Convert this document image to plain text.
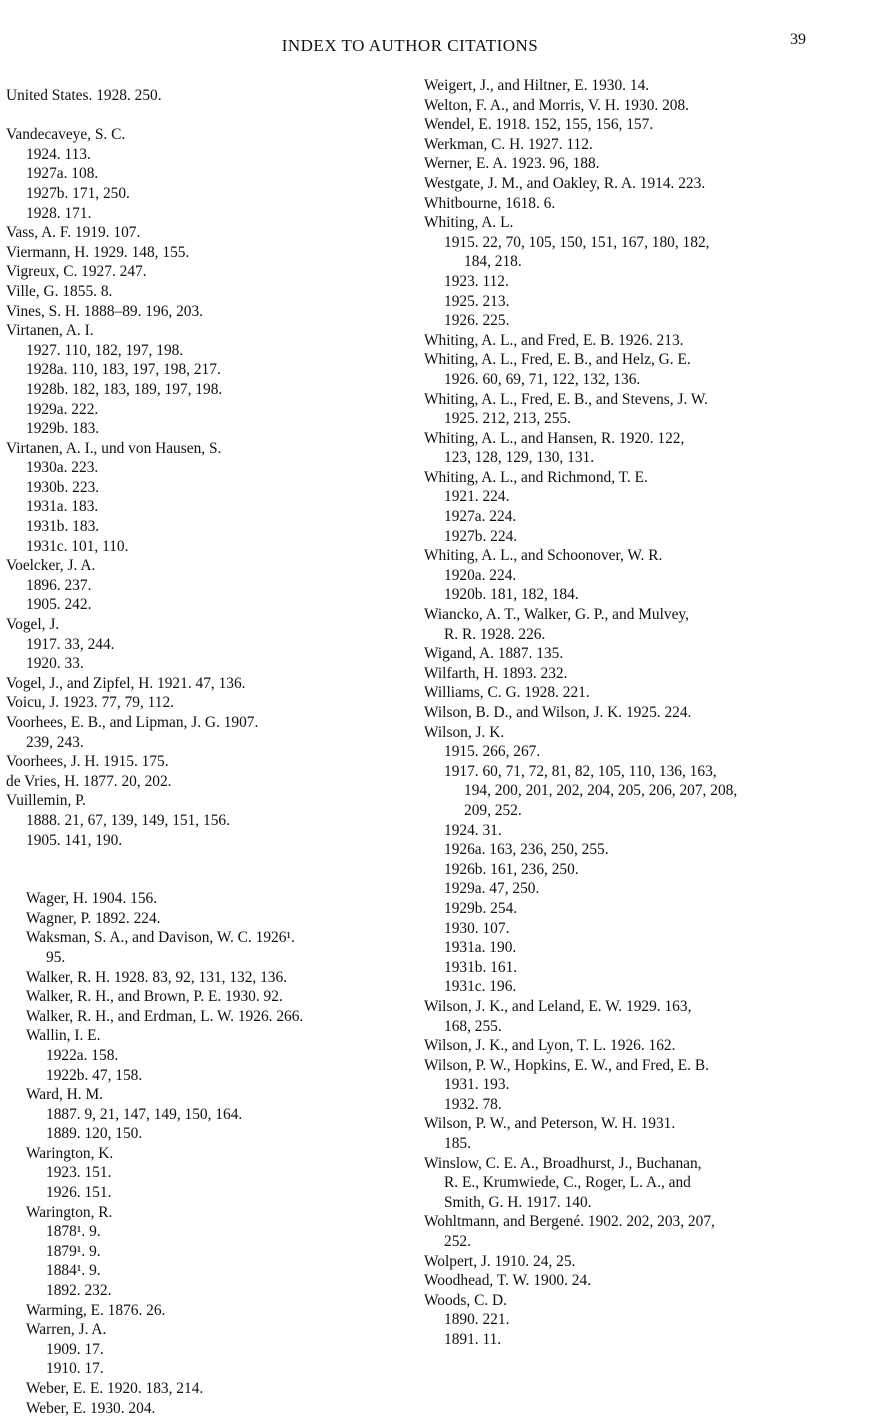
INDEX TO AUTHOR CITATIONS	39
United States. 1928. 250.
Vandecaveye, S. C.
1924. 113.
1927a. 108.
1927b. 171, 250.
1928. 171.
Vass, A. F. 1919. 107.
Viermann, H. 1929. 148, 155.
Vigreux, C. 1927. 247.
Ville, G. 1855. 8.
Vines, S. H. 1888–89. 196, 203.
Virtanen, A. I.
1927. 110, 182, 197, 198.
1928a. 110, 183, 197, 198, 217.
1928b. 182, 183, 189, 197, 198.
1929a. 222.
1929b. 183.
Virtanen, A. I., und von Hausen, S.
1930a. 223.
1930b. 223.
1931a. 183.
1931b. 183.
1931c. 101, 110.
Voelcker, J. A.
1896. 237.
1905. 242.
Vogel, J.
1917. 33, 244.
1920. 33.
Vogel, J., and Zipfel, H. 1921. 47, 136.
Voicu, J. 1923. 77, 79, 112.
Voorhees, E. B., and Lipman, J. G. 1907.
239, 243.
Voorhees, J. H. 1915. 175.
de Vries, H. 1877. 20, 202.
Vuillemin, P.
1888. 21, 67, 139, 149, 151, 156.
1905. 141, 190.
Wager, H. 1904. 156.
Wagner, P. 1892. 224.
Waksman, S. A., and Davison, W. C. 1926¹.
95.
Walker, R. H. 1928. 83, 92, 131, 132, 136.
Walker, R. H., and Brown, P. E. 1930. 92.
Walker, R. H., and Erdman, L. W. 1926. 266.
Wallin, I. E.
1922a. 158.
1922b. 47, 158.
Ward, H. M.
1887. 9, 21, 147, 149, 150, 164.
1889. 120, 150.
Warington, K.
1923. 151.
1926. 151.
Warington, R.
1878¹. 9.
1879¹. 9.
1884¹. 9.
1892. 232.
Warming, E. 1876. 26.
Warren, J. A.
1909. 17.
1910. 17.
Weber, E. E. 1920. 183, 214.
Weber, E. 1930. 204.
Weigert, J., and Hiltner, E. 1930. 14.
Welton, F. A., and Morris, V. H. 1930. 208.
Wendel, E. 1918. 152, 155, 156, 157.
Werkman, C. H. 1927. 112.
Werner, E. A. 1923. 96, 188.
Westgate, J. M., and Oakley, R. A. 1914. 223.
Whitbourne, 1618. 6.
Whiting, A. L.
1915. 22, 70, 105, 150, 151, 167, 180, 182,
184, 218.
1923. 112.
1925. 213.
1926. 225.
Whiting, A. L., and Fred, E. B. 1926. 213.
Whiting, A. L., Fred, E. B., and Helz, G. E.
1926. 60, 69, 71, 122, 132, 136.
Whiting, A. L., Fred, E. B., and Stevens, J. W.
1925. 212, 213, 255.
Whiting, A. L., and Hansen, R. 1920. 122,
123, 128, 129, 130, 131.
Whiting, A. L., and Richmond, T. E.
1921. 224.
1927a. 224.
1927b. 224.
Whiting, A. L., and Schoonover, W. R.
1920a. 224.
1920b. 181, 182, 184.
Wiancko, A. T., Walker, G. P., and Mulvey,
R. R. 1928. 226.
Wigand, A. 1887. 135.
Wilfarth, H. 1893. 232.
Williams, C. G. 1928. 221.
Wilson, B. D., and Wilson, J. K. 1925. 224.
Wilson, J. K.
1915. 266, 267.
1917. 60, 71, 72, 81, 82, 105, 110, 136, 163,
194, 200, 201, 202, 204, 205, 206, 207, 208,
209, 252.
1924. 31.
1926a. 163, 236, 250, 255.
1926b. 161, 236, 250.
1929a. 47, 250.
1929b. 254.
1930. 107.
1931a. 190.
1931b. 161.
1931c. 196.
Wilson, J. K., and Leland, E. W. 1929. 163,
168, 255.
Wilson, J. K., and Lyon, T. L. 1926. 162.
Wilson, P. W., Hopkins, E. W., and Fred, E. B.
1931. 193.
1932. 78.
Wilson, P. W., and Peterson, W. H. 1931.
185.
Winslow, C. E. A., Broadhurst, J., Buchanan,
R. E., Krumwiede, C., Roger, L. A., and
Smith, G. H. 1917. 140.
Wohltmann, and Bergené. 1902. 202, 203, 207,
252.
Wolpert, J. 1910. 24, 25.
Woodhead, T. W. 1900. 24.
Woods, C. D.
1890. 221.
1891. 11.
